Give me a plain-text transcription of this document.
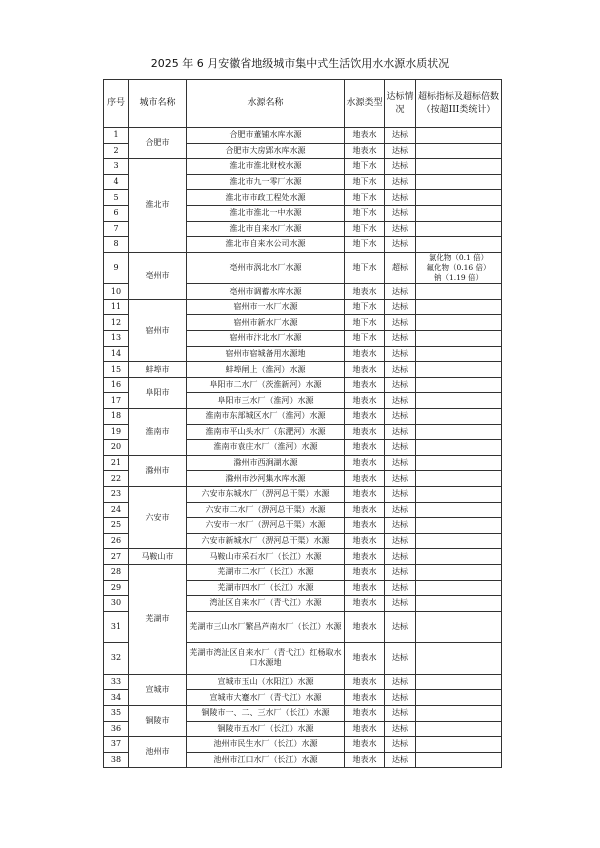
2025 年 6 月安徽省地级城市集中式生活饮用水水源水质状况
序号	城市名称	水源名称	水源类型	达标情况	超标指标及超标倍数（按超III类统计）
1	合肥市	合肥市董铺水库水源	地表水	达标	
2		合肥市大房郢水库水源	地表水	达标	
3	淮北市	淮北市淮北财校水源	地下水	达标	
4		淮北市九一零厂水源	地下水	达标	
5		淮北市市政工程处水源	地下水	达标	
6		淮北市淮北一中水源	地下水	达标	
7		淮北市自来水厂水源	地下水	达标	
8		淮北市自来水公司水源	地下水	达标	
9	亳州市	亳州市涡北水厂水源	地下水	超标	氯化物（0.1 倍）
氟化物（0.16 倍）
钠（1.19 倍）
10		亳州市调蓄水库水源	地表水	达标	
11	宿州市	宿州市一水厂水源	地下水	达标	
12		宿州市新水厂水源	地下水	达标	
13		宿州市汴北水厂水源	地下水	达标	
14		宿州市宿城备用水源地	地表水	达标	
15	蚌埠市	蚌埠闸上（淮河）水源	地表水	达标	
16	阜阳市	阜阳市二水厂（茨淮新河）水源	地表水	达标	
17		阜阳市三水厂（淮河）水源	地表水	达标	
18	淮南市	淮南市东部城区水厂（淮河）水源	地表水	达标	
19		淮南市平山头水厂（东淝河）水源	地表水	达标	
20		淮南市袁庄水厂（淮河）水源	地表水	达标	
21	滁州市	滁州市西涧湖水源	地表水	达标	
22		滁州市沙河集水库水源	地表水	达标	
23	六安市	六安市东城水厂（淠河总干渠）水源	地表水	达标	
24		六安市二水厂（淠河总干渠）水源	地表水	达标	
25		六安市一水厂（淠河总干渠）水源	地表水	达标	
26		六安市新城水厂（淠河总干渠）水源	地表水	达标	
27	马鞍山市	马鞍山市采石水厂（长江）水源	地表水	达标	
28	芜湖市	芜湖市二水厂（长江）水源	地表水	达标	
29		芜湖市四水厂（长江）水源	地表水	达标	
30		湾沚区自来水厂（青弋江）水源	地表水	达标	
31		芜湖市三山水厂繁昌芦南水厂（长江）水源	地表水	达标	
32		芜湖市湾沚区自来水厂（青弋江）红杨取水口水源地	地表水	达标	
33	宣城市	宣城市玉山（水阳江）水源	地表水	达标	
34		宣城市大蹇水厂（青弋江）水源	地表水	达标	
35	铜陵市	铜陵市一、二、三水厂（长江）水源	地表水	达标	
36		铜陵市五水厂（长江）水源	地表水	达标	
37	池州市	池州市民生水厂（长江）水源	地表水	达标	
38		池州市江口水厂（长江）水源	地表水	达标	
